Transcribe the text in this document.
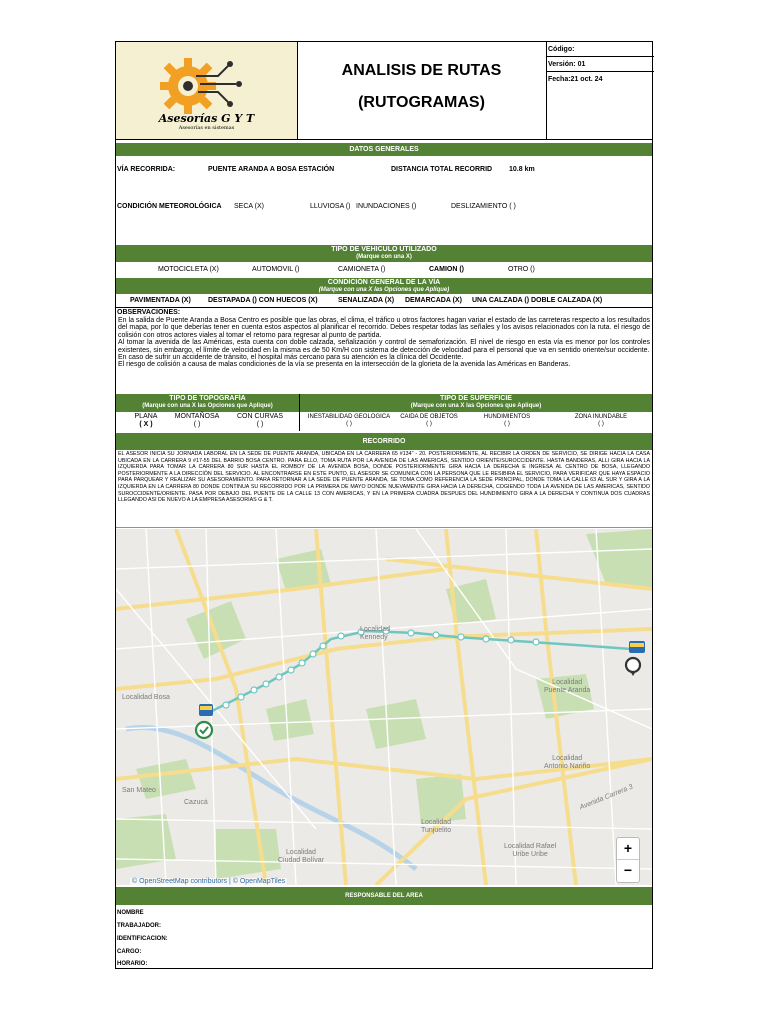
Asesorías G Y T
Asesorías en sistemas
ANALISIS DE RUTAS
(RUTOGRAMAS)
Código:
Versión: 01
Fecha:21 oct. 24
DATOS GENERALES
VÍA RECORRIDA:	PUENTE ARANDA A BOSA ESTACIÓN	DISTANCIA TOTAL RECORRID 10.8 km
CONDICIÓN METEOROLÓGICA SECA (X)	LLUVIOSA () INUNDACIONES ()	DESLIZAMIENTO ( )
TIPO DE VEHICULO UTILIZADO
(Marque con una X)
MOTOCICLETA (X)	AUTOMOVIL ()	CAMIONETA ()	CAMION ()	OTRO ()
CONDICIÓN GENERAL DE LA VÍA
(Marque con una X las Opciones que Aplique)
PAVIMENTADA (X) DESTAPADA () CON HUECOS (X)	SENALIZADA (X) DEMARCADA (X) UNA CALZADA () DOBLE CALZADA (X)
OBSERVACIONES:
En la salida de Puente Aranda a Bosa Centro es posible que las obras, el clima, el tráfico u otros factores hagan variar el estado de las carreteras respecto a los resultados del mapa, por lo que deberías tener en cuenta estos aspectos al planificar el recorrido. Debes respetar todas las señales y los avisos relacionados con la ruta. el riesgo de colisión con otros actores viales al tomar el retorno para regresar al punto de partida.
Al tomar la avenida de las Américas, esta cuenta con doble calzada, señalización y control de semaforización. El nivel de riesgo en esta vía es menor por los controles existentes, sin embargo, el límite de velocidad en la misma es de 50 Km/H con sistema de detección de velocidad para el personal que va en sentido oriente/sur occidente.
En caso de sufrir un accidente de tránsito, el hospital más cercano para su atención es la clínica del Occidente.
El riesgo de colisión a causa de malas condiciones de la vía se presenta en la intersección de la glorieta de la avenida las Américas en Banderas.
TIPO DE TOPOGRAFÍA
(Marque con una X las Opciones que Aplique)
TIPO DE SUPERFICIE
(Marque con una X las Opciones que Aplique)
PLANA
( X )
MONTAÑOSA
( )
CON CURVAS
( )
INESTABILIDAD GEOLOGICA
( )
CAIDA DE OBJETOS
( )
HUNDIMIENTOS
( )
ZONA INUNDABLE
( )
RECORRIDO
EL ASESOR INICIA SU JORNADA LABORAL EN LA SEDE DE PUENTE ARANDA, UBICADA EN LA CARRERA 65 #134" - 20. POSTERIORMENTE, AL RECIBIR LA ORDEN DE SERVICIO, SE DIRIGE HACIA LA CASA UBICADA EN LA CARRERA 9 #17-55 DEL BARRIO BOSA CENTRO. PARA ELLO, TOMA RUTA POR LA AVENIDA DE LAS AMERICAS, SENTIDO ORIENTE/SUROCCIDENTE. HASTA BANDERAS, ALLI GIRA HACIA LA IZQUIERDA PARA TOMAR LA CARRERA 80 SUR HASTA EL ROMBOY DE LA AVENIDA BOSA, DONDE POSTERIORMENTE GIRA HACIA LA DERECHA E INGRESA AL CENTRO DE BOSA, LLEGANDO POSTERIORMENTE A LA DIRECCIÓN DEL SERVICIO. AL ENCONTRARSE EN ESTE PUNTO, EL ASESOR SE COMUNICA CON LA PERSONA QUE LE RESIBIRA EL SERVICIO, PARA VERIFICAR QUE HAYA ESPACIO PARA PARQUEAR Y REALIZAR SU ASESORAMIENTO. PARA RETORNAR A LA SEDE DE PUENTE ARANDA, SE TOMA COMO REFERENCIA LA SEDE PRINCIPAL, DONDE TOMA LA CALLE 63 AL SUR Y GIRA A LA IZQUIERDA EN LA CARRERA 80 DONDE CONTINUA SU RECORRIDO POR LA PRIMERA DE MAYO DONDE NUEVAMENTE GIRA HACIA LA DERECHA, COGIENDO TODA LA AVENIDA DE LAS AMERICAS, SENTIDO SUROCCIDENTE/ORIENTE. PASA POR DEBAJO DEL PUENTE DE LA CALLE 13 CON AMERICAS, Y EN LA PRIMERA CUADRA DESPUES DEL HUNDIMIENTO GIRA A LA DERECHA Y CONTINUA DOS CUADRAS LLEGANDO ASI DE NUEVO A LA EMPRESA ASESORIAS G & T.
Localidad
Kennedy
Localidad Bosa
Localidad
Puente Aranda
Localidad
Antonio Nariño
Avenida Carrera 3
San Mateo
Cazucá
Localidad
Tunjuelito
Localidad
Ciudad Bolívar
Localidad Rafael
Uribe Uribe	+
−
© OpenStreetMap contributors | © OpenMapTiles
RESPONSABLE DEL AREA
NOMBRE
TRABAJADOR:
IDENTIFICACION:
CARGO:
HORARIO:
